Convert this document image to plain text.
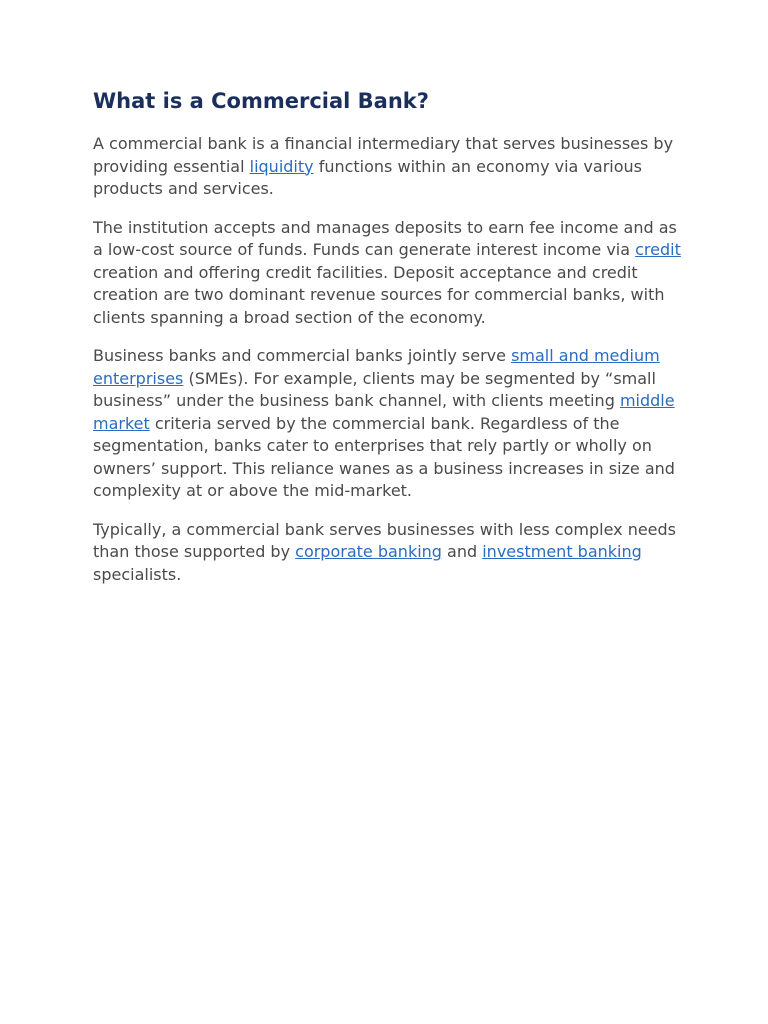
What is a Commercial Bank?

A commercial bank is a financial intermediary that serves businesses by providing essential liquidity functions within an economy via various products and services.

The institution accepts and manages deposits to earn fee income and as a low-cost source of funds. Funds can generate interest income via credit creation and offering credit facilities. Deposit acceptance and credit creation are two dominant revenue sources for commercial banks, with clients spanning a broad section of the economy.

Business banks and commercial banks jointly serve small and medium enterprises (SMEs). For example, clients may be segmented by “small business” under the business bank channel, with clients meeting middle market criteria served by the commercial bank. Regardless of the segmentation, banks cater to enterprises that rely partly or wholly on owners’ support. This reliance wanes as a business increases in size and complexity at or above the mid-market.

Typically, a commercial bank serves businesses with less complex needs than those supported by corporate banking and investment banking specialists.
